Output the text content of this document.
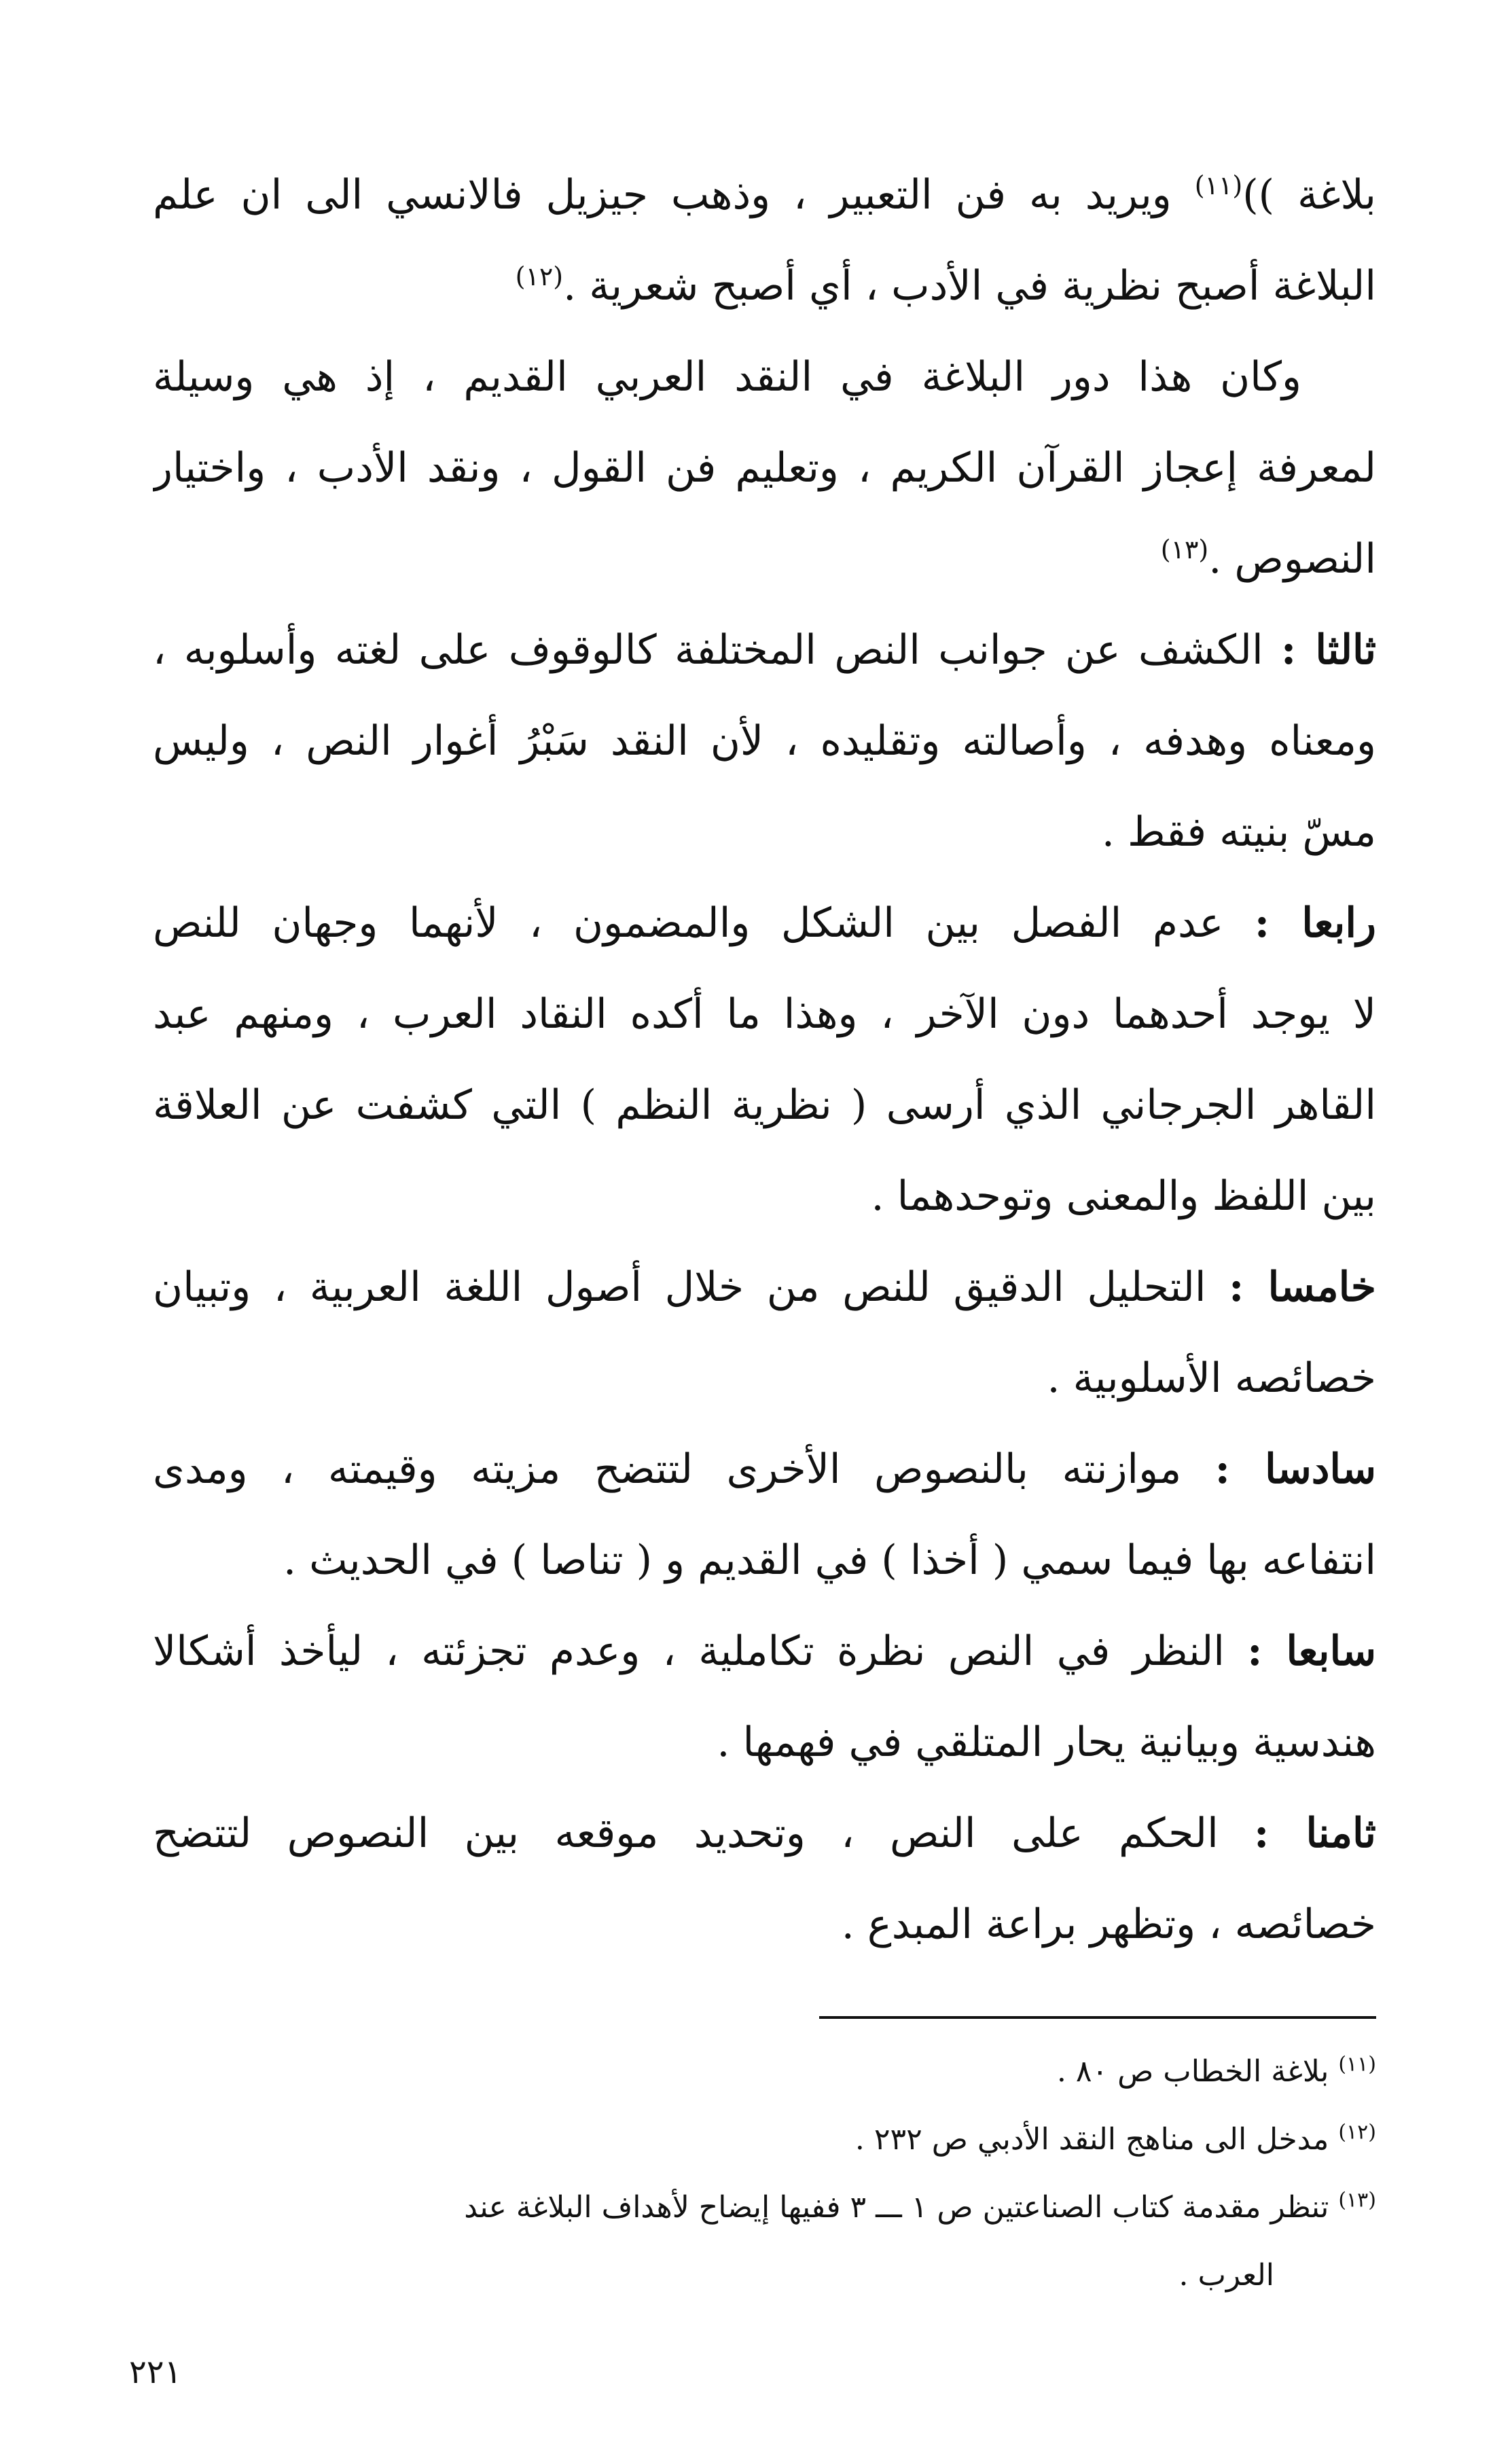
بلاغة ))$^{(١١)}$ ويريد به فن التعبير ، وذهب جيزيل فالانسي الى ان علم
البلاغة أصبح نظرية في الأدب ، أي أصبح شعرية .$^{(١٢)}$
وكان هذا دور البلاغة في النقد العربي القديم ، إذ هي وسيلة
لمعرفة إعجاز القرآن الكريم ، وتعليم فن القول ، ونقد الأدب ، واختيار
النصوص .$^{(١٣)}$
ثالثا : الكشف عن جوانب النص المختلفة كالوقوف على لغته وأسلوبه ،
ومعناه وهدفه ، وأصالته وتقليده ، لأن النقد سَبْرُ أغوار النص ، وليس
مسّ بنيته فقط .
رابعا : عدم الفصل بين الشكل والمضمون ، لأنهما وجهان للنص
لا يوجد أحدهما دون الآخر ، وهذا ما أكده النقاد العرب ، ومنهم عبد
القاهر الجرجاني الذي أرسى ( نظرية النظم ) التي كشفت عن العلاقة
بين اللفظ والمعنى وتوحدهما .
خامسا : التحليل الدقيق للنص من خلال أصول اللغة العربية ، وتبيان
خصائصه الأسلوبية .
سادسا : موازنته بالنصوص الأخرى لتتضح مزيته وقيمته ، ومدى
انتفاعه بها فيما سمي ( أخذا ) في القديم و ( تناصا ) في الحديث .
سابعا : النظر في النص نظرة تكاملية ، وعدم تجزئته ، ليأخذ أشكالا
هندسية وبيانية يحار المتلقي في فهمها .
ثامنا : الحكم على النص ، وتحديد موقعه بين النصوص لتتضح
خصائصه ، وتظهر براعة المبدع .
$^{(١١)}$ بلاغة الخطاب ص ٨٠ .
$^{(١٢)}$ مدخل الى مناهج النقد الأدبي ص ٢٣٢ .
$^{(١٣)}$ تنظر مقدمة كتاب الصناعتين ص ١ ـــ ٣ ففيها إيضاح لأهداف البلاغة عند
العرب .
٢٢١
